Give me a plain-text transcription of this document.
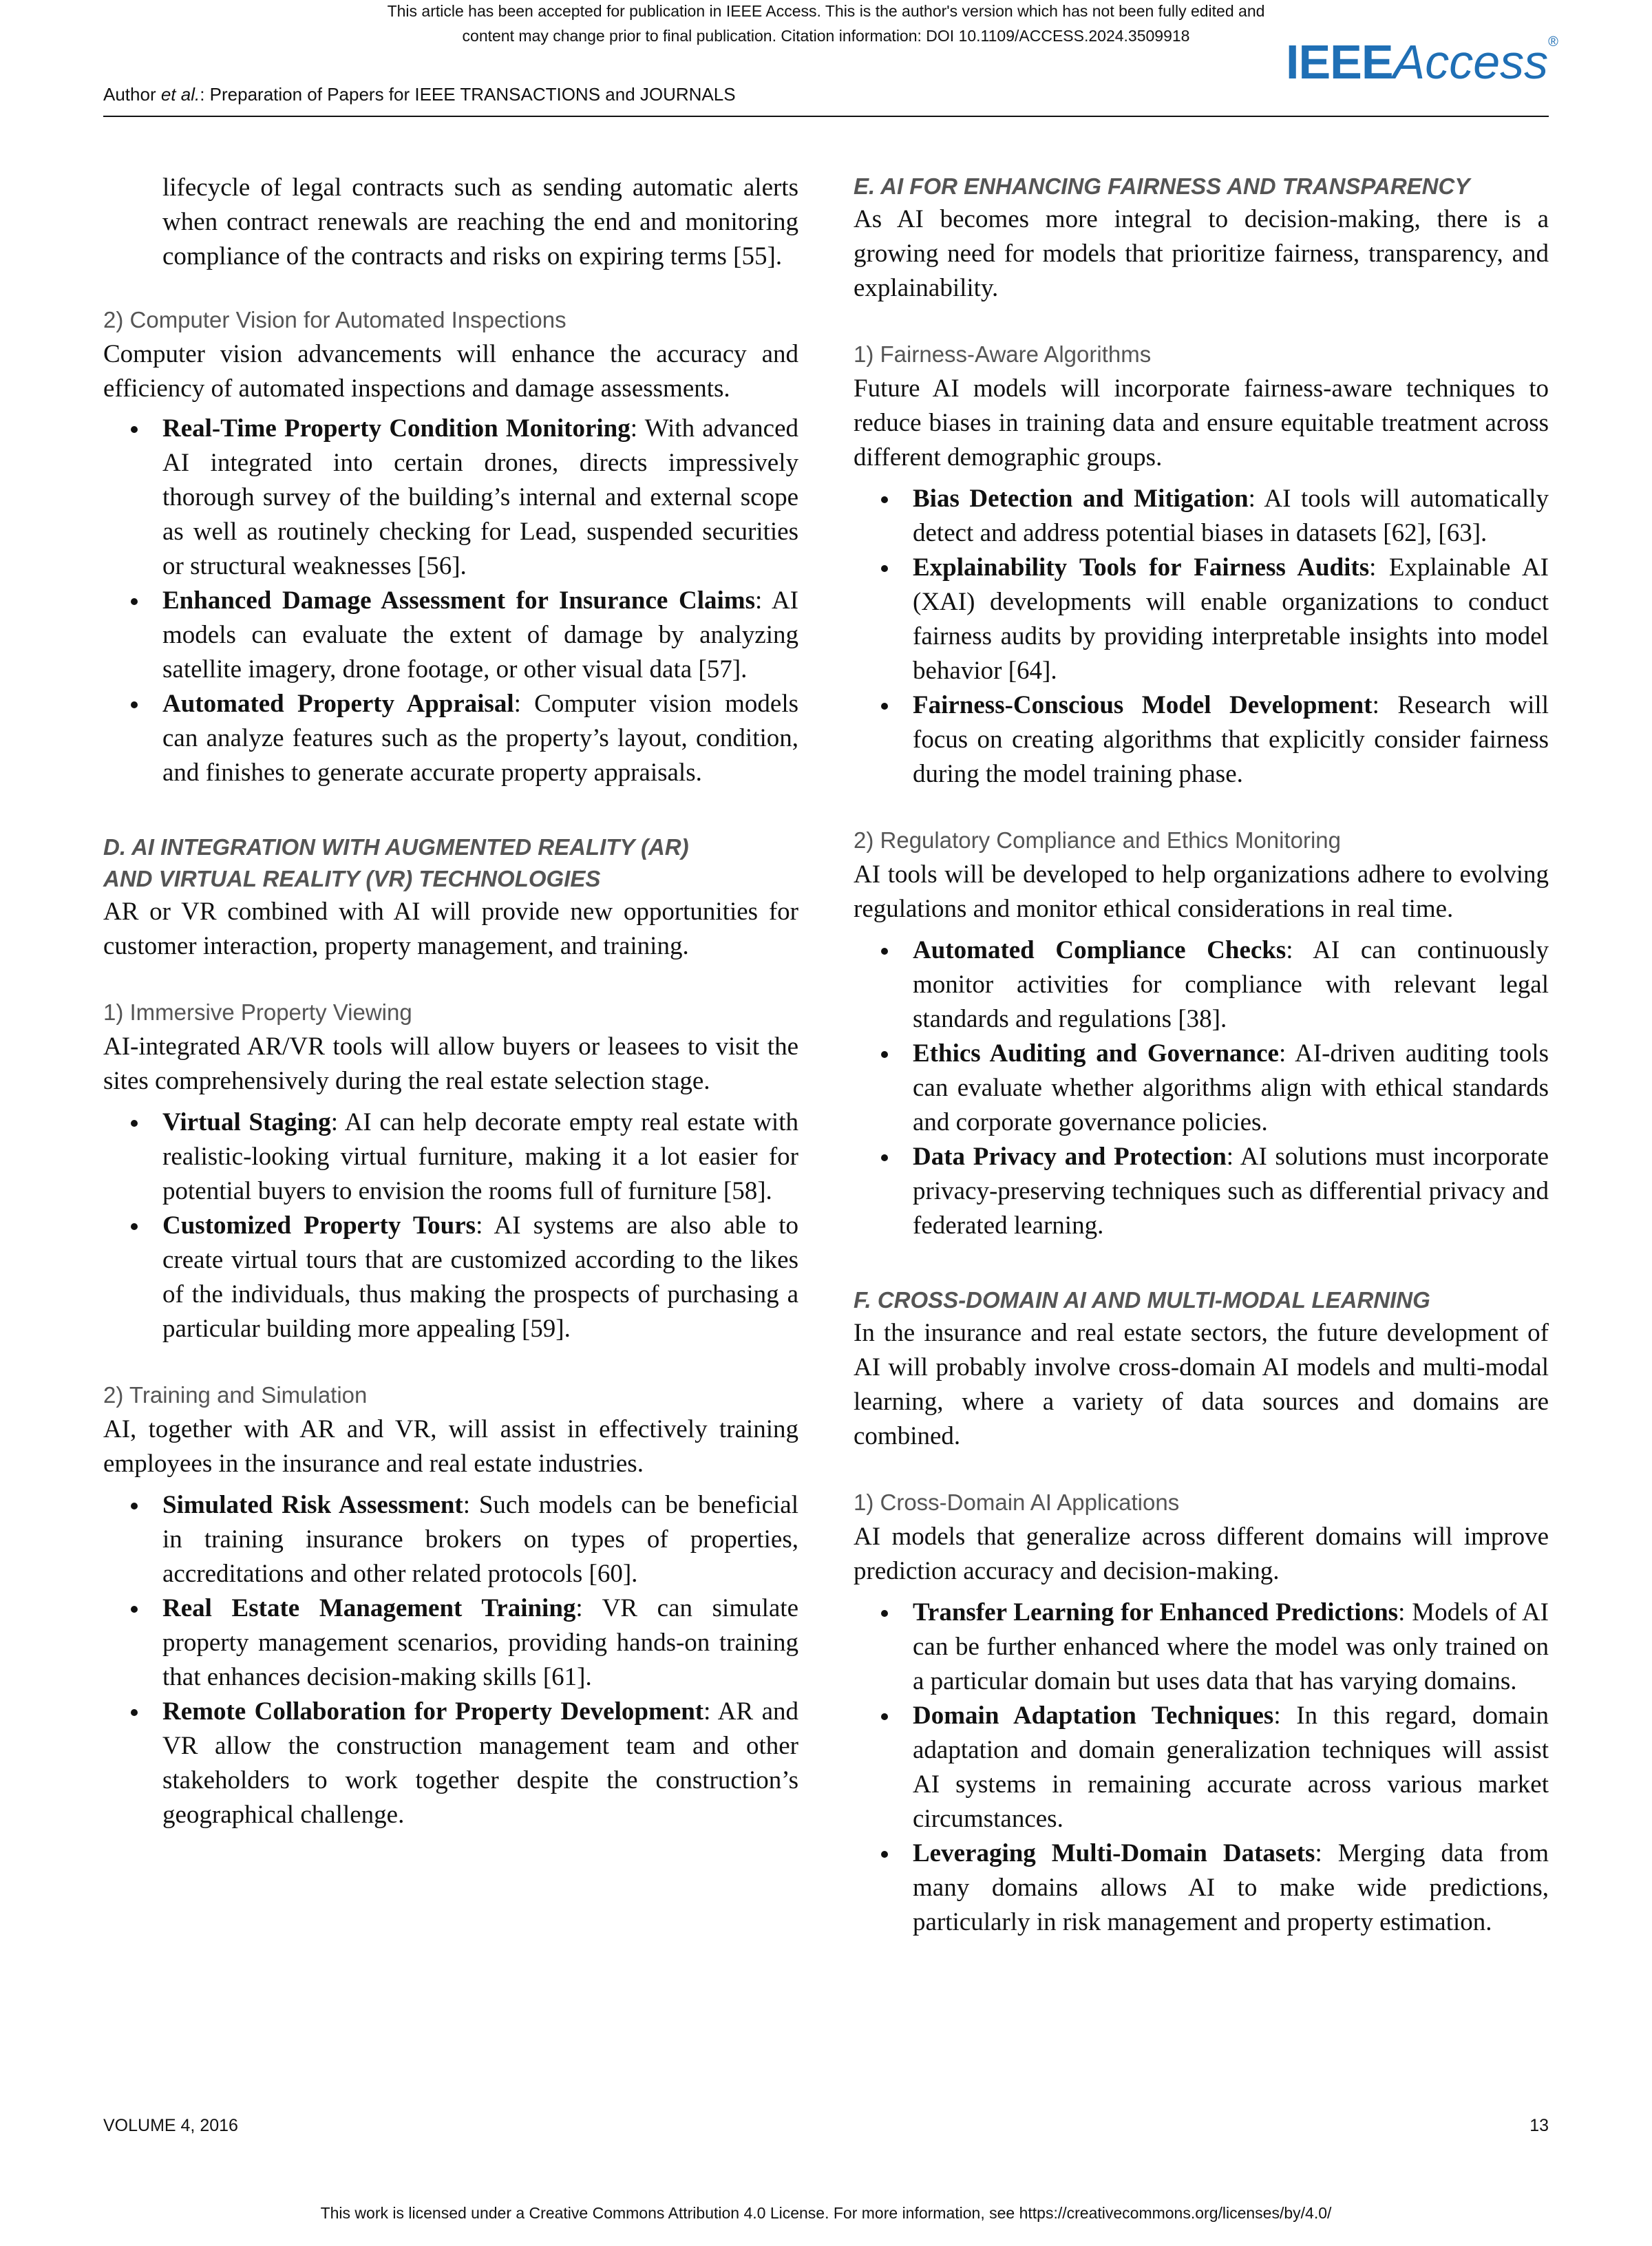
This article has been accepted for publication in IEEE Access. This is the author's version which has not been fully edited and
content may change prior to final publication. Citation information: DOI 10.1109/ACCESS.2024.3509918	IEEEAccess®
Author et al.: Preparation of Papers for IEEE TRANSACTIONS and JOURNALS

lifecycle of legal contracts such as sending automatic alerts when contract renewals are reaching the end and monitoring compliance of the contracts and risks on expiring terms [55].

2) Computer Vision for Automated Inspections

Computer vision advancements will enhance the accuracy and efficiency of automated inspections and damage assessments.

Real-Time Property Condition Monitoring: With advanced AI integrated into certain drones, directs impressively thorough survey of the building’s internal and external scope as well as routinely checking for Lead, suspended securities or structural weaknesses [56].
Enhanced Damage Assessment for Insurance Claims: AI models can evaluate the extent of damage by analyzing satellite imagery, drone footage, or other visual data [57].
Automated Property Appraisal: Computer vision models can analyze features such as the property’s layout, condition, and finishes to generate accurate property appraisals.
D. AI INTEGRATION WITH AUGMENTED REALITY (AR)
AND VIRTUAL REALITY (VR) TECHNOLOGIES

AR or VR combined with AI will provide new opportunities for customer interaction, property management, and training.

1) Immersive Property Viewing

AI-integrated AR/VR tools will allow buyers or leasees to visit the sites comprehensively during the real estate selection stage.

Virtual Staging: AI can help decorate empty real estate with realistic-looking virtual furniture, making it a lot easier for potential buyers to envision the rooms full of furniture [58].
Customized Property Tours: AI systems are also able to create virtual tours that are customized according to the likes of the individuals, thus making the prospects of purchasing a particular building more appealing [59].
2) Training and Simulation

AI, together with AR and VR, will assist in effectively training employees in the insurance and real estate industries.

Simulated Risk Assessment: Such models can be beneficial in training insurance brokers on types of properties, accreditations and other related protocols [60].
Real Estate Management Training: VR can simulate property management scenarios, providing hands-on training that enhances decision-making skills [61].
Remote Collaboration for Property Development: AR and VR allow the construction management team and other stakeholders to work together despite the construction’s geographical challenge.
E. AI FOR ENHANCING FAIRNESS AND TRANSPARENCY

As AI becomes more integral to decision-making, there is a growing need for models that prioritize fairness, transparency, and explainability.

1) Fairness-Aware Algorithms

Future AI models will incorporate fairness-aware techniques to reduce biases in training data and ensure equitable treatment across different demographic groups.

Bias Detection and Mitigation: AI tools will automatically detect and address potential biases in datasets [62], [63].
Explainability Tools for Fairness Audits: Explainable AI (XAI) developments will enable organizations to conduct fairness audits by providing interpretable insights into model behavior [64].
Fairness-Conscious Model Development: Research will focus on creating algorithms that explicitly consider fairness during the model training phase.
2) Regulatory Compliance and Ethics Monitoring

AI tools will be developed to help organizations adhere to evolving regulations and monitor ethical considerations in real time.

Automated Compliance Checks: AI can continuously monitor activities for compliance with relevant legal standards and regulations [38].
Ethics Auditing and Governance: AI-driven auditing tools can evaluate whether algorithms align with ethical standards and corporate governance policies.
Data Privacy and Protection: AI solutions must incorporate privacy-preserving techniques such as differential privacy and federated learning.
F. CROSS-DOMAIN AI AND MULTI-MODAL LEARNING

In the insurance and real estate sectors, the future development of AI will probably involve cross-domain AI models and multi-modal learning, where a variety of data sources and domains are combined.

1) Cross-Domain AI Applications

AI models that generalize across different domains will improve prediction accuracy and decision-making.

Transfer Learning for Enhanced Predictions: Models of AI can be further enhanced where the model was only trained on a particular domain but uses data that has varying domains.
Domain Adaptation Techniques: In this regard, domain adaptation and domain generalization techniques will assist AI systems in remaining accurate across various market circumstances.
Leveraging Multi-Domain Datasets: Merging data from many domains allows AI to make wide predictions, particularly in risk management and property estimation.
VOLUME 4, 2016	13
This work is licensed under a Creative Commons Attribution 4.0 License. For more information, see https://creativecommons.org/licenses/by/4.0/
